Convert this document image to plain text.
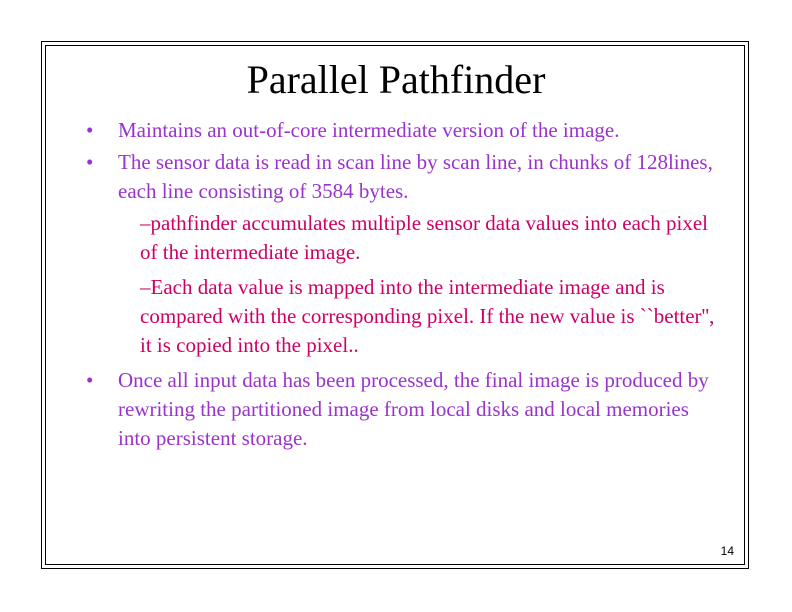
Parallel Pathfinder
• Maintains an out-of-core intermediate version of the image.
• The sensor data is read in scan line by scan line, in chunks of 128lines, each line consisting of 3584 bytes.
–pathfinder accumulates multiple sensor data values into each pixel of the intermediate image.
–Each data value is mapped into the intermediate image and is compared with the corresponding pixel. If the new value is ``better'', it is copied into the pixel..
• Once all input data has been processed, the final image is produced by rewriting the partitioned image from local disks and local memories into persistent storage.
14
